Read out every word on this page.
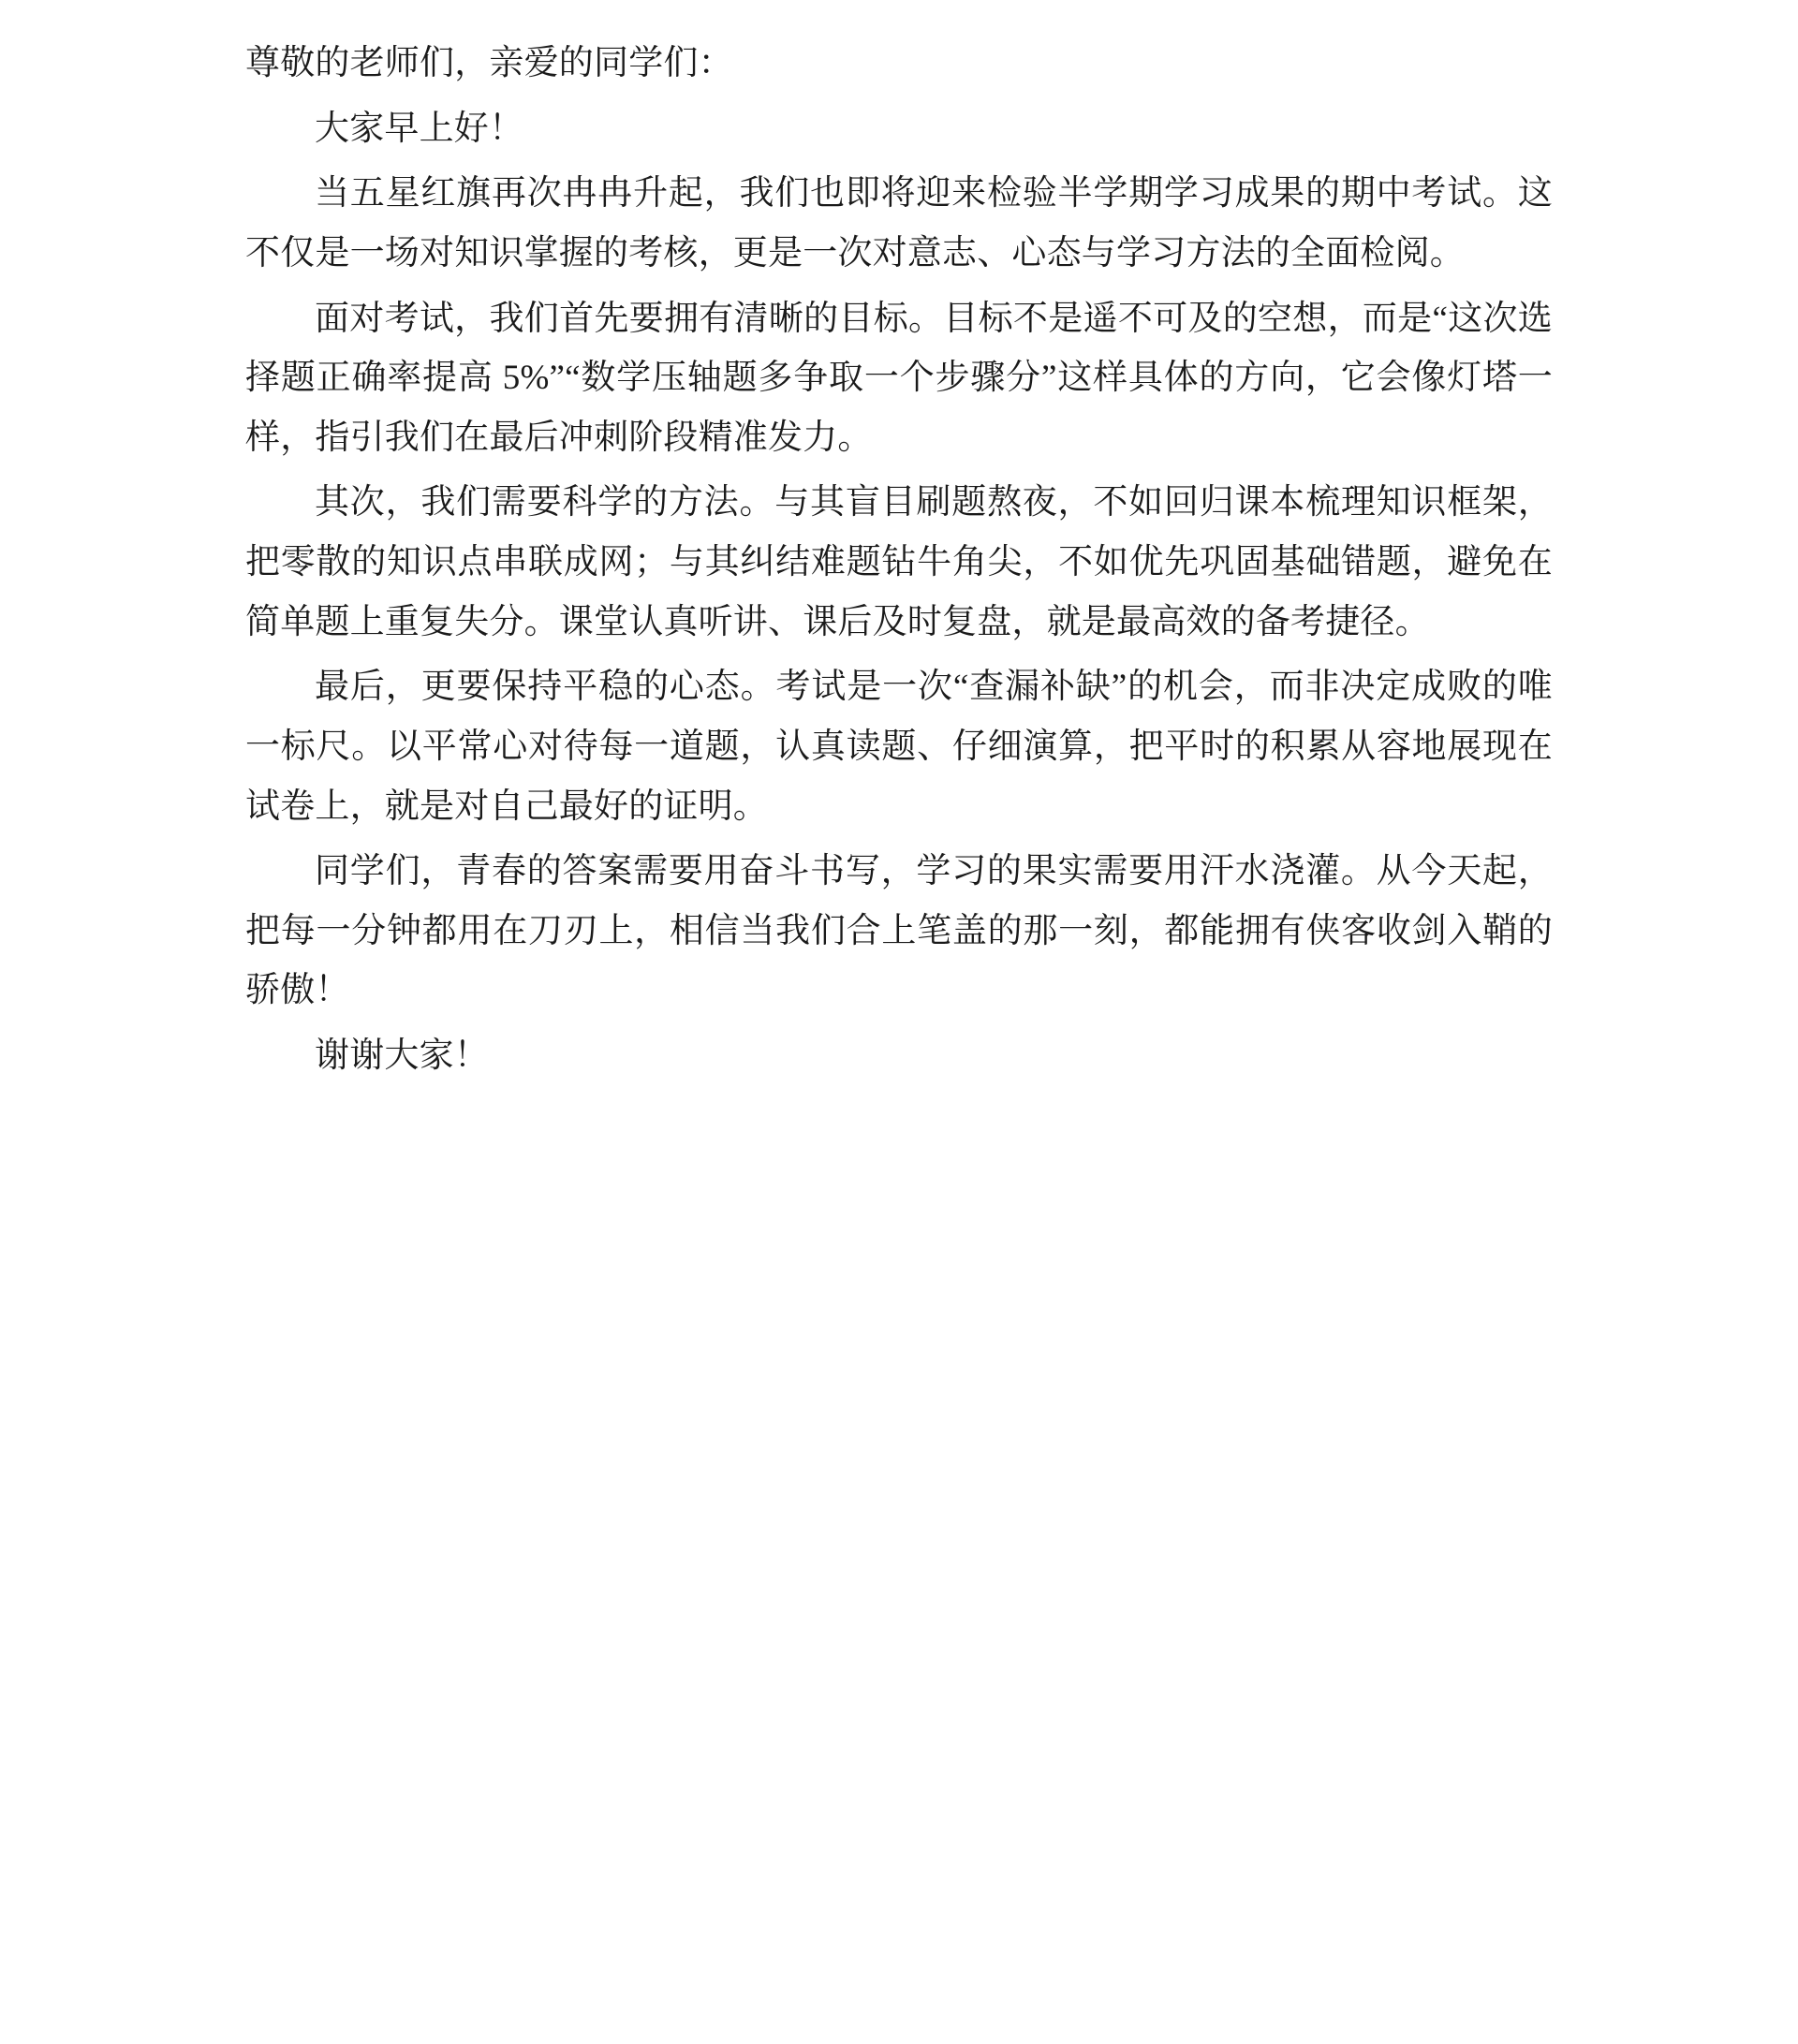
尊敬的老师们，亲爱的同学们：

大家早上好！

当五星红旗再次冉冉升起，我们也即将迎来检验半学期学习成果的期中考试。这不仅是一场对知识掌握的考核，更是一次对意志、心态与学习方法的全面检阅。

面对考试，我们首先要拥有清晰的目标。目标不是遥不可及的空想，而是“这次选择题正确率提高 5%”“数学压轴题多争取一个步骤分”这样具体的方向，它会像灯塔一样，指引我们在最后冲刺阶段精准发力。

其次，我们需要科学的方法。与其盲目刷题熬夜，不如回归课本梳理知识框架，把零散的知识点串联成网；与其纠结难题钻牛角尖，不如优先巩固基础错题，避免在简单题上重复失分。课堂认真听讲、课后及时复盘，就是最高效的备考捷径。

最后，更要保持平稳的心态。考试是一次“查漏补缺”的机会，而非决定成败的唯一标尺。以平常心对待每一道题，认真读题、仔细演算，把平时的积累从容地展现在试卷上，就是对自己最好的证明。

同学们，青春的答案需要用奋斗书写，学习的果实需要用汗水浇灌。从今天起，把每一分钟都用在刀刃上，相信当我们合上笔盖的那一刻，都能拥有侠客收剑入鞘的骄傲！

谢谢大家！
